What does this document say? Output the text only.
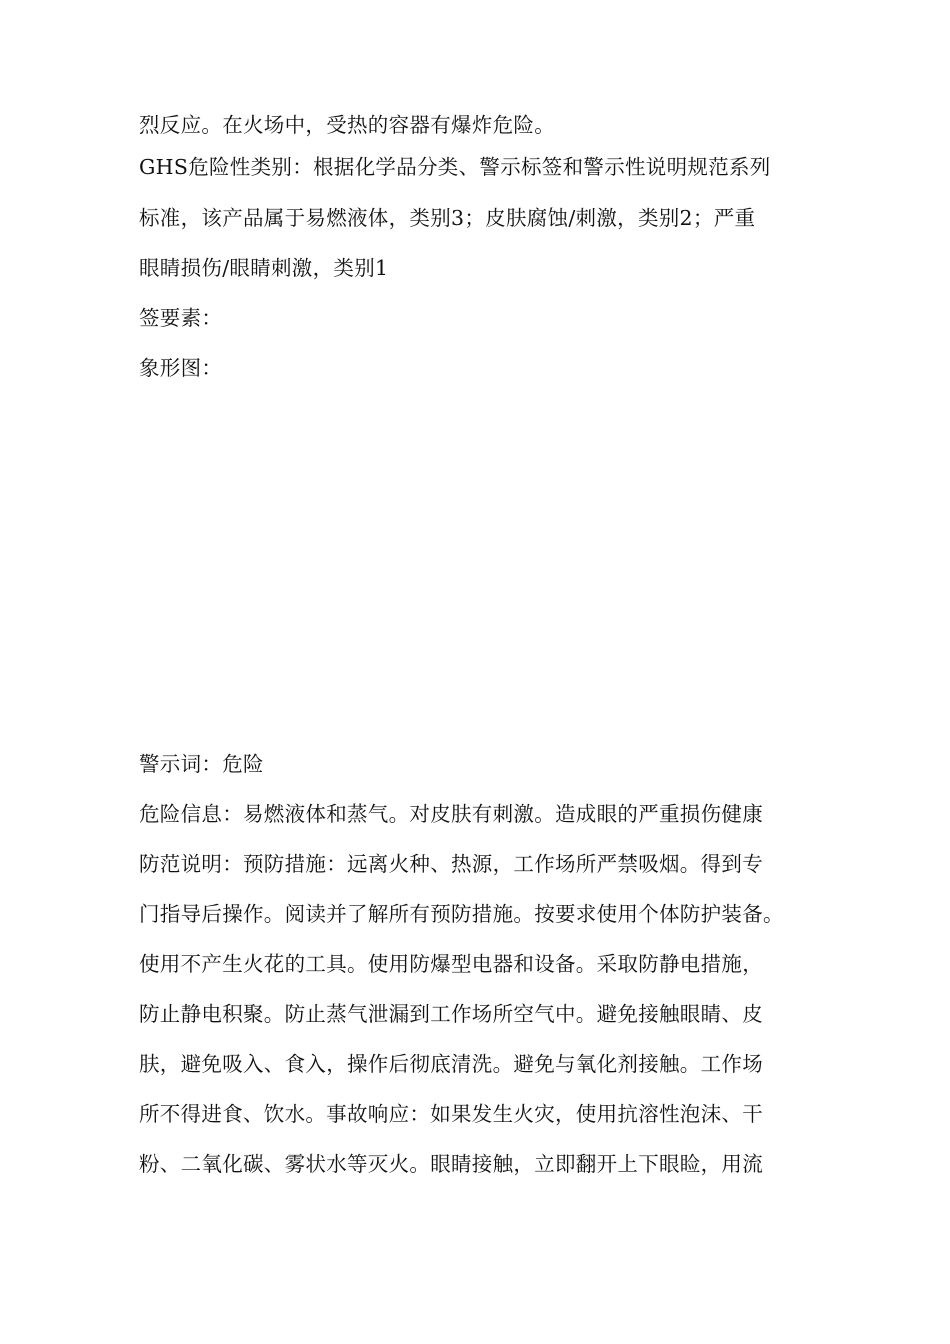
烈反应。在火场中，受热的容器有爆炸危险。
GHS危险性类别：根据化学品分类、警示标签和警示性说明规范系列
标准，该产品属于易燃液体，类别3；皮肤腐蚀/刺激，类别2；严重
眼睛损伤/眼睛刺激，类别1
签要素：
象形图：
警示词：危险
危险信息：易燃液体和蒸气。对皮肤有刺激。造成眼的严重损伤健康
防范说明：预防措施：远离火种、热源，工作场所严禁吸烟。得到专
门指导后操作。阅读并了解所有预防措施。按要求使用个体防护装备。
使用不产生火花的工具。使用防爆型电器和设备。采取防静电措施，
防止静电积聚。防止蒸气泄漏到工作场所空气中。避免接触眼睛、皮
肤，避免吸入、食入，操作后彻底清洗。避免与氧化剂接触。工作场
所不得进食、饮水。事故响应：如果发生火灾，使用抗溶性泡沫、干
粉、二氧化碳、雾状水等灭火。眼睛接触，立即翻开上下眼睑，用流
